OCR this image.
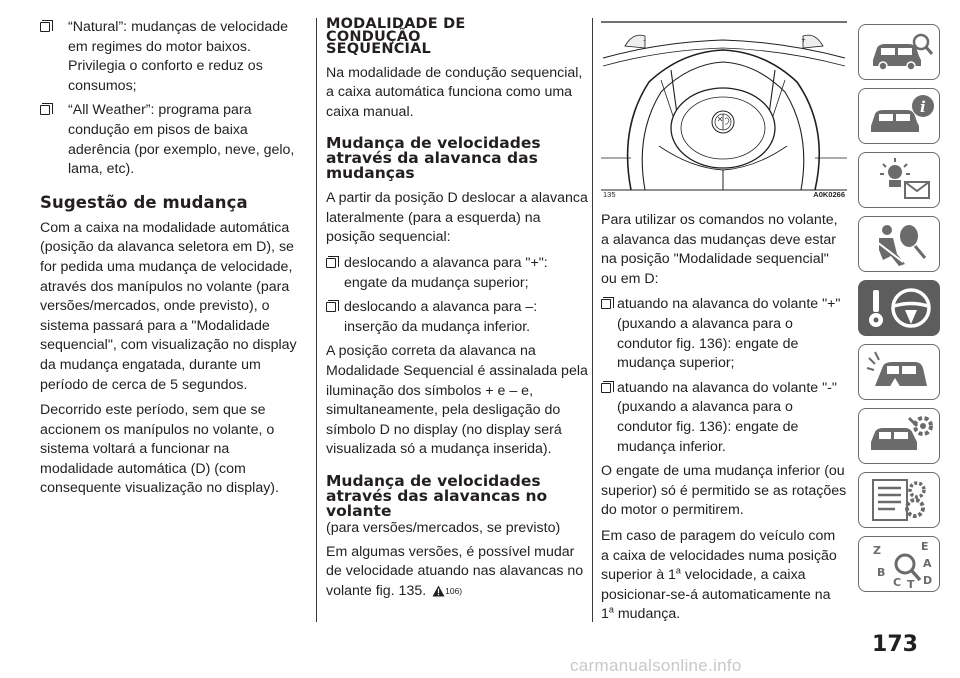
“Natural”: mudanças de velocidade em regimes do motor baixos. Privilegia o conforto e reduz os consumos;
“All Weather”: programa para condução em pisos de baixa aderência (por exemplo, neve, gelo, lama, etc).
Sugestão de mudança

Com a caixa na modalidade automática (posição da alavanca seletora em D), se for pedida uma mudança de velocidade, através dos manípulos no volante (para versões/mercados, onde previsto), o sistema passará para a "Modalidade sequencial", com visualização no display da mudança engatada, durante um período de cerca de 5 segundos.

Decorrido este período, sem que se accionem os manípulos no volante, o sistema voltará a funcionar na modalidade automática (D) (com consequente visualização no display).

MODALIDADE DE CONDUÇÃO SEQUENCIAL

Na modalidade de condução sequencial, a caixa automática funciona como uma caixa manual.

Mudança de velocidades através da alavanca das mudanças

A partir da posição D deslocar a alavanca lateralmente (para a esquerda) na posição sequencial:

deslocando a alavanca para "+": engate da mudança superior;
deslocando a alavanca para –: inserção da mudança inferior.

A posição correta da alavanca na Modalidade Sequencial é assinalada pela iluminação dos símbolos + e – e, simultaneamente, pela desligação do símbolo D no display (no display será visualizada só a mudança inserida).

Mudança de velocidades através das alavancas no volante

(para versões/mercados, se previsto)

Em algumas versões, é possível mudar de velocidade atuando nas alavancas no volante fig. 135. 106)

+
–
135	A0K0266

Para utilizar os comandos no volante, a alavanca das mudanças deve estar na posição "Modalidade sequencial" ou em D:

atuando na alavanca do volante "+" (puxando a alavanca para o condutor fig. 136): engate de mudança superior;
atuando na alavanca do volante "-" (puxando a alavanca para o condutor fig. 136): engate de mudança inferior.

O engate de uma mudança inferior (ou superior) só é permitido se as rotações do motor o permitirem.

Em caso de paragem do veículo com a caixa de velocidades numa posição superior à 1$^a$ velocidade, a caixa posicionar-se-á automaticamente na 1$^a$ mudança.

i
Z	E
A
B
C T D
173
carmanualsonline.info
